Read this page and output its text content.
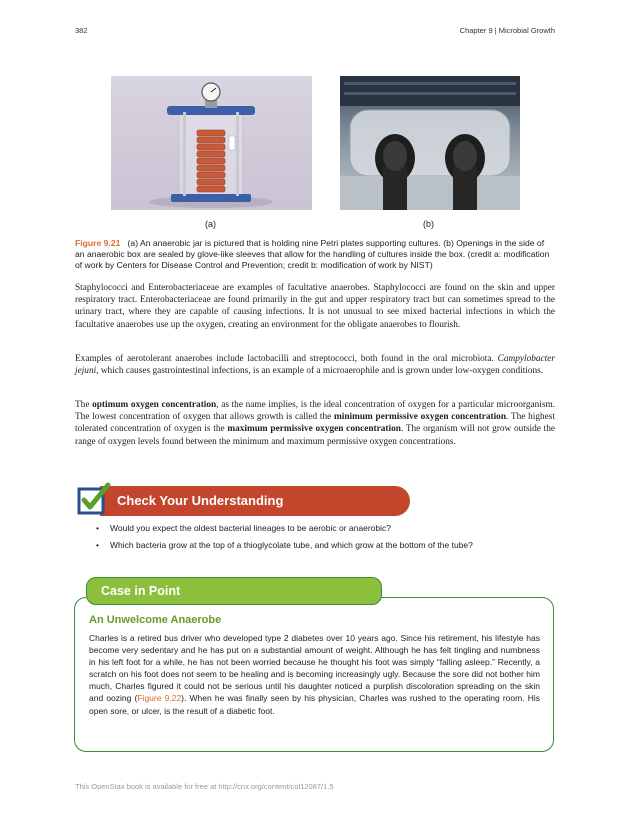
382	Chapter 9 | Microbial Growth
(a)	(b)
Figure 9.21 (a) An anaerobic jar is pictured that is holding nine Petri plates supporting cultures. (b) Openings in the side of an anaerobic box are sealed by glove-like sleeves that allow for the handling of cultures inside the box. (credit a: modification of work by Centers for Disease Control and Prevention; credit b: modification of work by NIST)

Staphylococci and Enterobacteriaceae are examples of facultative anaerobes. Staphylococci are found on the skin and upper respiratory tract. Enterobacteriaceae are found primarily in the gut and upper respiratory tract but can sometimes spread to the urinary tract, where they are capable of causing infections. It is not unusual to see mixed bacterial infections in which the facultative anaerobes use up the oxygen, creating an environment for the obligate anaerobes to flourish.

Examples of aerotolerant anaerobes include lactobacilli and streptococci, both found in the oral microbiota. Campylobacter jejuni, which causes gastrointestinal infections, is an example of a microaerophile and is grown under low-oxygen conditions.

The optimum oxygen concentration, as the name implies, is the ideal concentration of oxygen for a particular microorganism. The lowest concentration of oxygen that allows growth is called the minimum permissive oxygen concentration. The highest tolerated concentration of oxygen is the maximum permissive oxygen concentration. The organism will not grow outside the range of oxygen levels found between the minimum and maximum permissive oxygen concentrations.

Check Your Understanding
• Would you expect the oldest bacterial lineages to be aerobic or anaerobic?
• Which bacteria grow at the top of a thioglycolate tube, and which grow at the bottom of the tube?
Case in Point
An Unwelcome Anaerobe

Charles is a retired bus driver who developed type 2 diabetes over 10 years ago. Since his retirement, his lifestyle has become very sedentary and he has put on a substantial amount of weight. Although he has felt tingling and numbness in his left foot for a while, he has not been worried because he thought his foot was simply “falling asleep.” Recently, a scratch on his foot does not seem to be healing and is becoming increasingly ugly. Because the sore did not bother him much, Charles figured it could not be serious until his daughter noticed a purplish discoloration spreading on the skin and oozing (Figure 9.22). When he was finally seen by his physician, Charles was rushed to the operating room. His open sore, or ulcer, is the result of a diabetic foot.

This OpenStax book is available for free at http://cnx.org/content/col12087/1.5
